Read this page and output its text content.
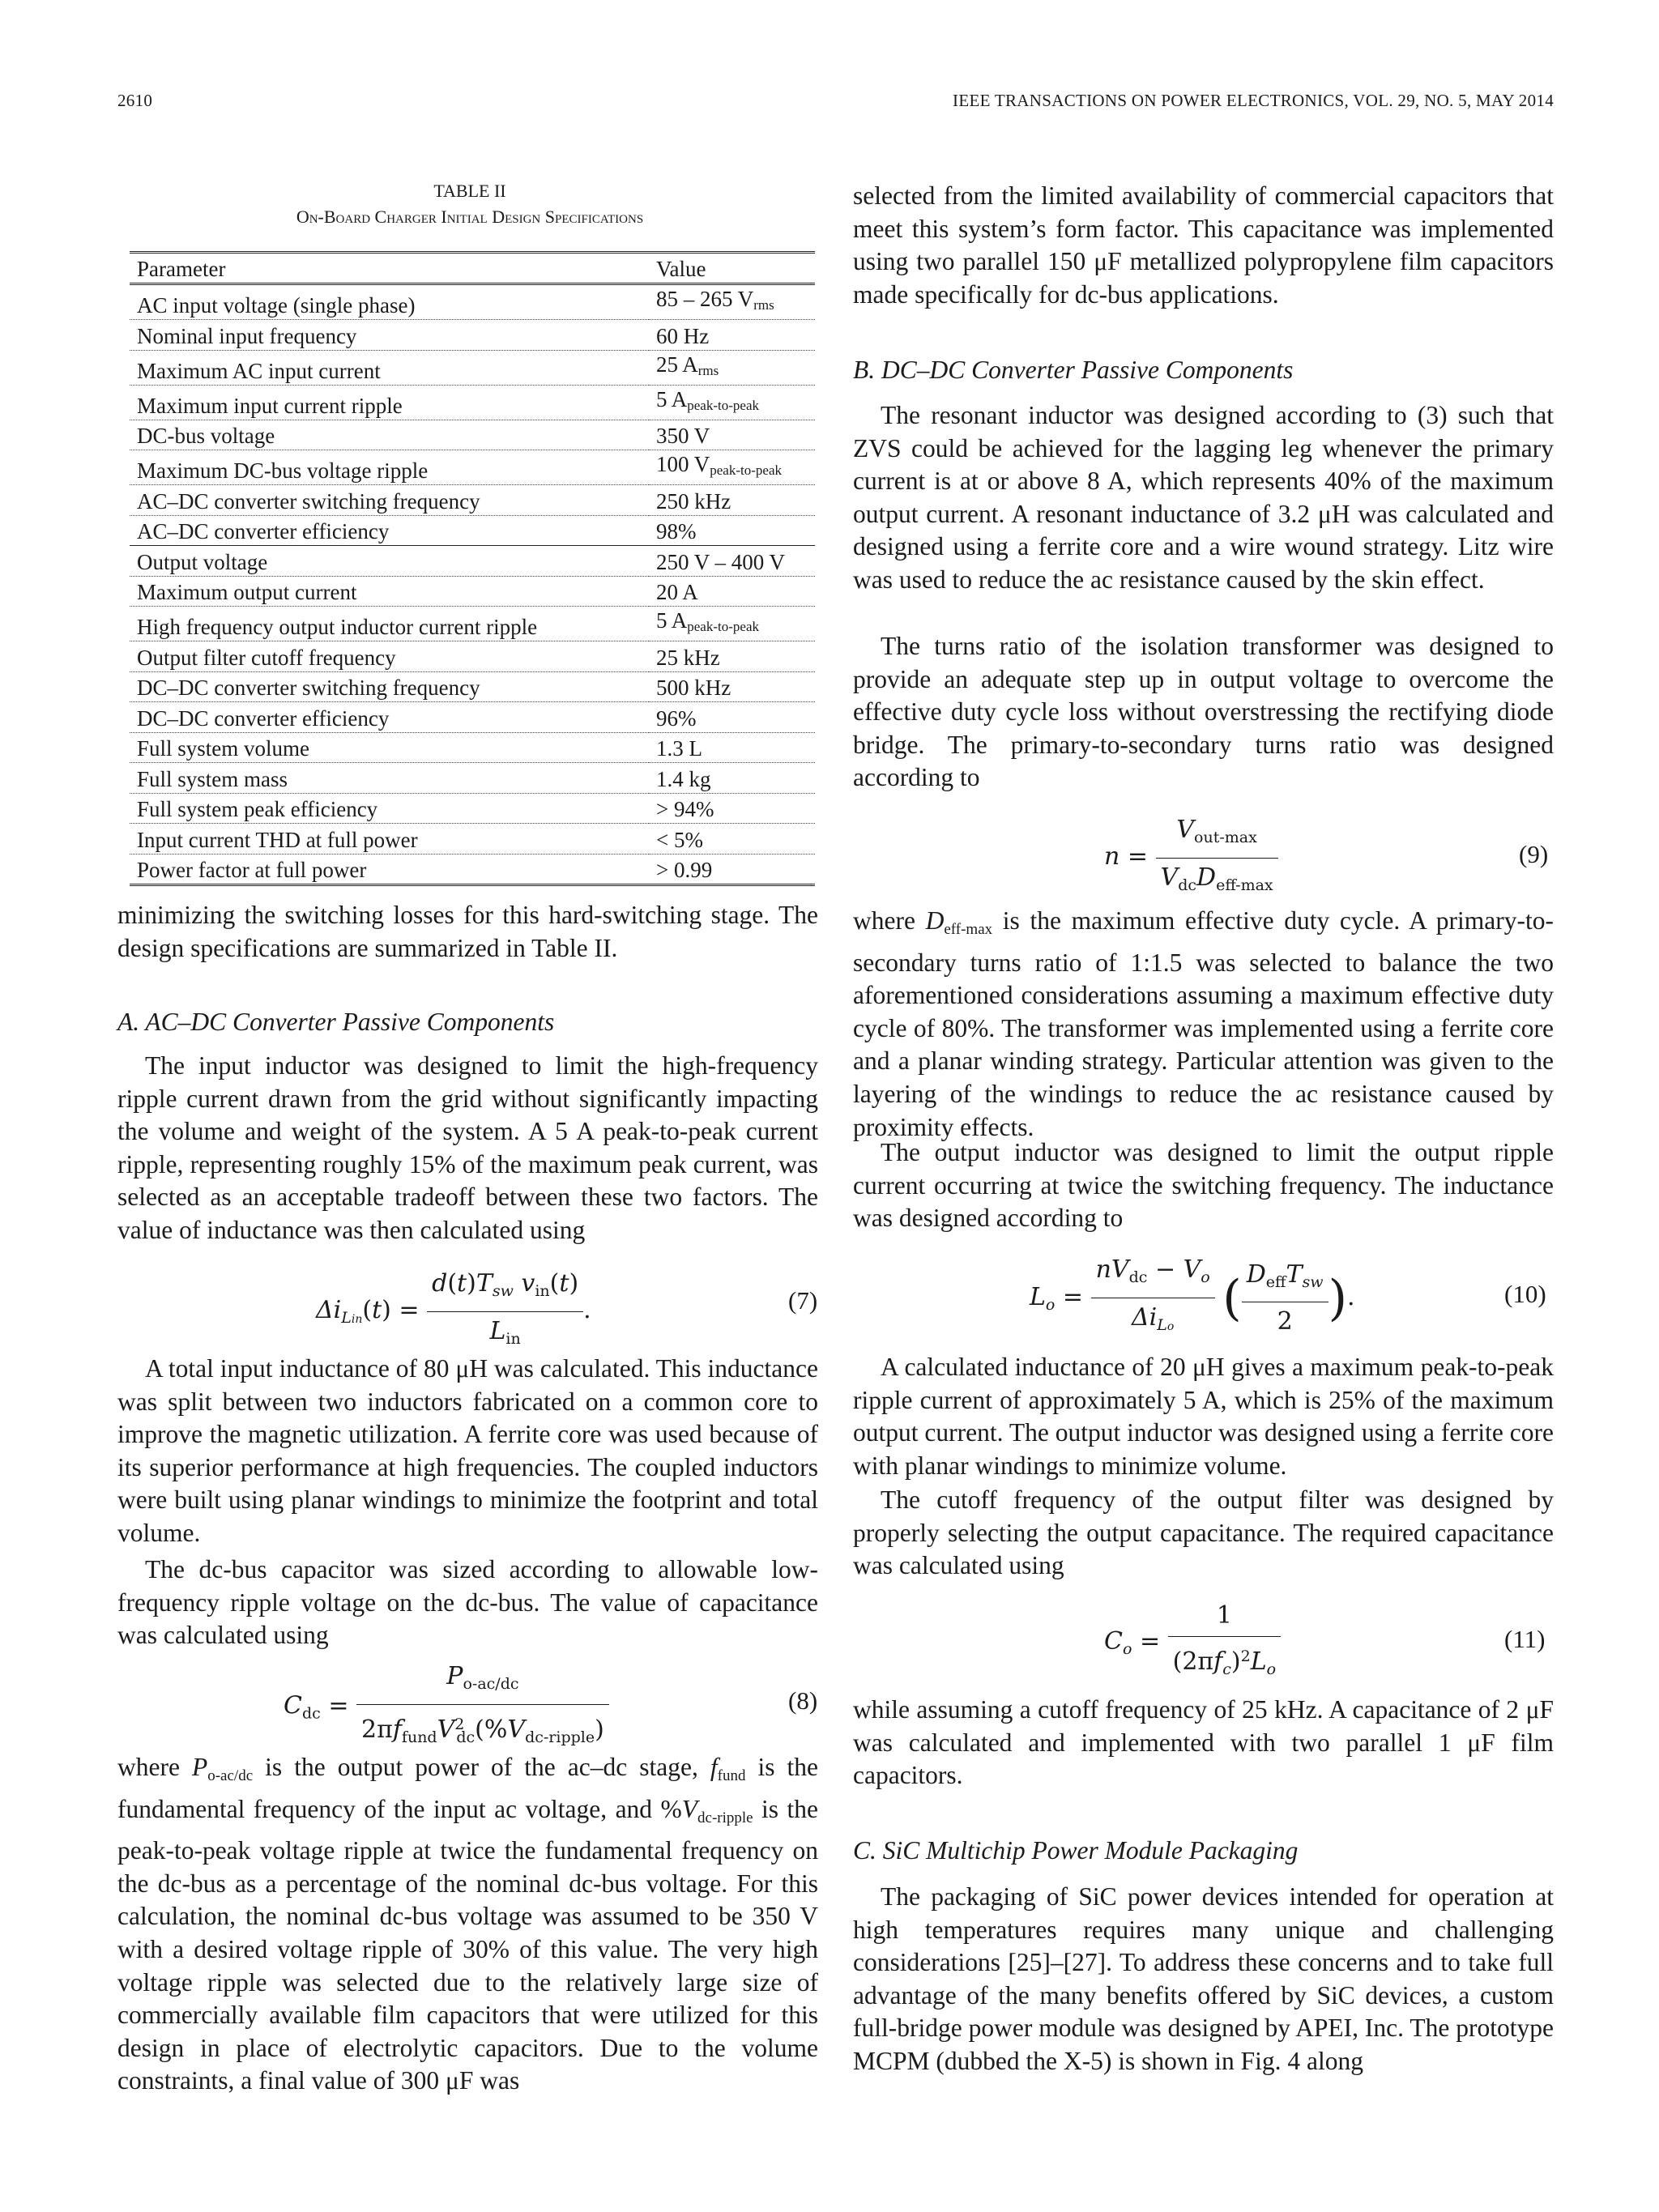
2610	IEEE TRANSACTIONS ON POWER ELECTRONICS, VOL. 29, NO. 5, MAY 2014
TABLE II
On-Board Charger Initial Design Specifications
Parameter	Value
AC input voltage (single phase)	85 – 265 $V_{rms}$
Nominal input frequency	60 Hz
Maximum AC input current	25 $A_{rms}$
Maximum input current ripple	5 $A_{peak-to-peak}$
DC-bus voltage	350 V
Maximum DC-bus voltage ripple	100 $V_{peak-to-peak}$
AC–DC converter switching frequency	250 kHz
AC–DC converter efficiency	98%
Output voltage	250 V – 400 V
Maximum output current	20 A
High frequency output inductor current ripple	5 $A_{peak-to-peak}$
Output filter cutoff frequency	25 kHz
DC–DC converter switching frequency	500 kHz
DC–DC converter efficiency	96%
Full system volume	1.3 L
Full system mass	1.4 kg
Full system peak efficiency	> 94%
Input current THD at full power	< 5%
Power factor at full power	> 0.99

minimizing the switching losses for this hard-switching stage. The design specifications are summarized in Table II.

A. AC–DC Converter Passive Components

The input inductor was designed to limit the high-frequency ripple current drawn from the grid without significantly impacting the volume and weight of the system. A 5 A peak-to-peak current ripple, representing roughly 15% of the maximum peak current, was selected as an acceptable tradeoff between these two factors. The value of inductance was then calculated using

$\Delta i_{Lin}(t) = \frac{d(t)T_{sw} v_{in}(t)}{L_{in}}$ .	(7)

A total input inductance of 80 μH was calculated. This inductance was split between two inductors fabricated on a common core to improve the magnetic utilization. A ferrite core was used because of its superior performance at high frequencies. The coupled inductors were built using planar windings to minimize the footprint and total volume.

The dc-bus capacitor was sized according to allowable low-frequency ripple voltage on the dc-bus. The value of capacitance was calculated using

$C_{dc} = \frac{P_{o-ac/dc}}{2\pi f_{fund}V^2_{dc}(\%V_{dc-ripple})}$	(8)

where $P_{o-ac/dc}$ is the output power of the ac–dc stage, $f_{fund}$ is the fundamental frequency of the input ac voltage, and $\%V_{dc-ripple}$ is the peak-to-peak voltage ripple at twice the fundamental frequency on the dc-bus as a percentage of the nominal dc-bus voltage. For this calculation, the nominal dc-bus voltage was assumed to be 350 V with a desired voltage ripple of 30% of this value. The very high voltage ripple was selected due to the relatively large size of commercially available film capacitors that were utilized for this design in place of electrolytic capacitors. Due to the volume constraints, a final value of 300 μF was

selected from the limited availability of commercial capacitors that meet this system’s form factor. This capacitance was implemented using two parallel 150 μF metallized polypropylene film capacitors made specifically for dc-bus applications.

B. DC–DC Converter Passive Components

The resonant inductor was designed according to (3) such that ZVS could be achieved for the lagging leg whenever the primary current is at or above 8 A, which represents 40% of the maximum output current. A resonant inductance of 3.2 μH was calculated and designed using a ferrite core and a wire wound strategy. Litz wire was used to reduce the ac resistance caused by the skin effect.

The turns ratio of the isolation transformer was designed to provide an adequate step up in output voltage to overcome the effective duty cycle loss without overstressing the rectifying diode bridge. The primary-to-secondary turns ratio was designed according to

$n = \frac{V_{out-max}}{V_{dc}D_{eff-max}}$	(9)

where $D_{eff-max}$ is the maximum effective duty cycle. A primary-to-secondary turns ratio of 1:1.5 was selected to balance the two aforementioned considerations assuming a maximum effective duty cycle of 80%. The transformer was implemented using a ferrite core and a planar winding strategy. Particular attention was given to the layering of the windings to reduce the ac resistance caused by proximity effects.

The output inductor was designed to limit the output ripple current occurring at twice the switching frequency. The inductance was designed according to

$L_o = \frac{nV_{dc} - V_o}{\Delta i_{Lo}}$ ( $\frac{D_{eff}T_{sw}}{2}$ ).	(10)

A calculated inductance of 20 μH gives a maximum peak-to-peak ripple current of approximately 5 A, which is 25% of the maximum output current. The output inductor was designed using a ferrite core with planar windings to minimize volume.

The cutoff frequency of the output filter was designed by properly selecting the output capacitance. The required capacitance was calculated using

$C_o = \frac{1}{(2\pi f_c)^2L_o}$	(11)

while assuming a cutoff frequency of 25 kHz. A capacitance of 2 μF was calculated and implemented with two parallel 1 μF film capacitors.

C. SiC Multichip Power Module Packaging

The packaging of SiC power devices intended for operation at high temperatures requires many unique and challenging considerations [25]–[27]. To address these concerns and to take full advantage of the many benefits offered by SiC devices, a custom full-bridge power module was designed by APEI, Inc. The prototype MCPM (dubbed the X-5) is shown in Fig. 4 along
